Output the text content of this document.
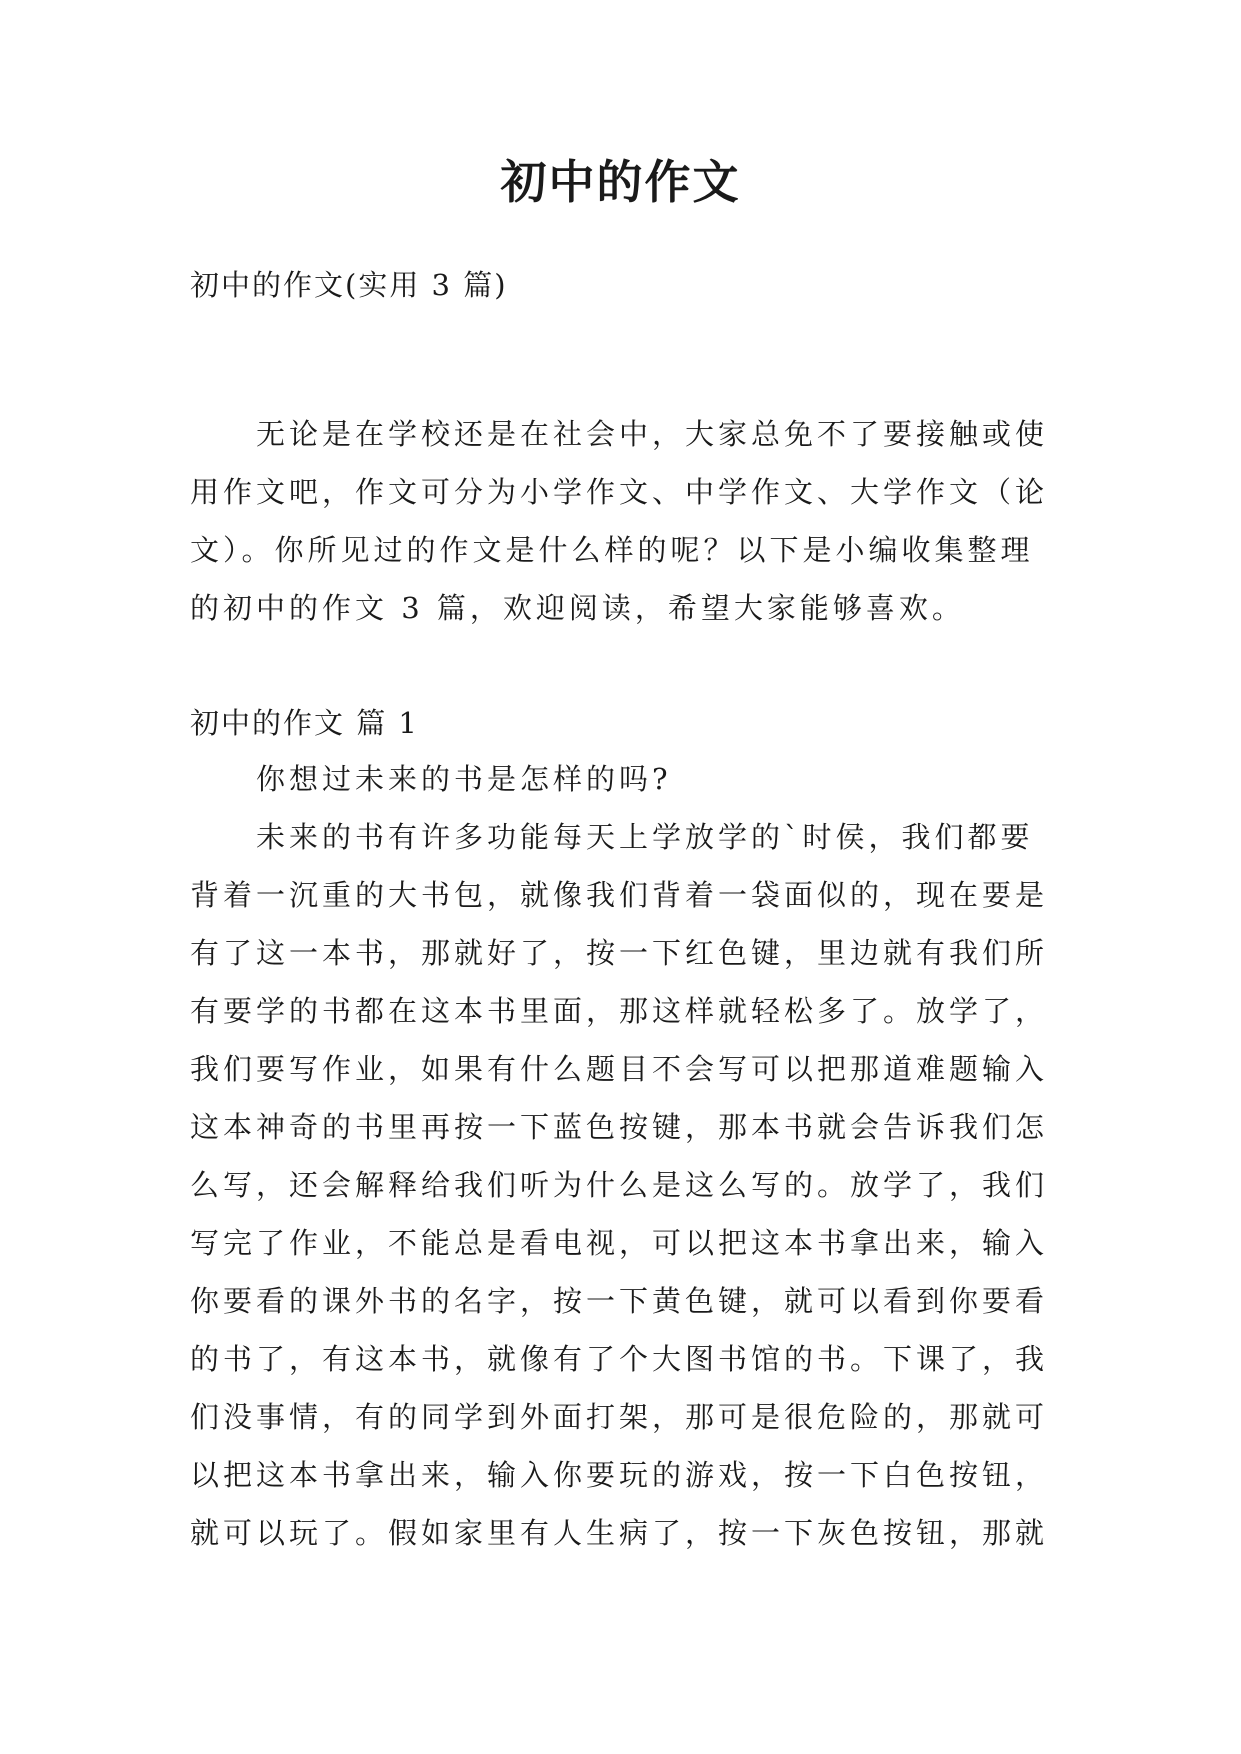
初中的作文

初中的作文(实用 3 篇)

无论是在学校还是在社会中，大家总免不了要接触或使
用作文吧，作文可分为小学作文、中学作文、大学作文（论
文）。你所见过的作文是什么样的呢？以下是小编收集整理
的初中的作文 3 篇，欢迎阅读，希望大家能够喜欢。

初中的作文 篇 1

你想过未来的书是怎样的吗?
未来的书有许多功能每天上学放学的`时侯，我们都要
背着一沉重的大书包，就像我们背着一袋面似的，现在要是
有了这一本书，那就好了，按一下红色键，里边就有我们所
有要学的书都在这本书里面，那这样就轻松多了。放学了，
我们要写作业，如果有什么题目不会写可以把那道难题输入
这本神奇的书里再按一下蓝色按键，那本书就会告诉我们怎
么写，还会解释给我们听为什么是这么写的。放学了，我们
写完了作业，不能总是看电视，可以把这本书拿出来，输入
你要看的课外书的名字，按一下黄色键，就可以看到你要看
的书了，有这本书，就像有了个大图书馆的书。下课了，我
们没事情，有的同学到外面打架，那可是很危险的，那就可
以把这本书拿出来，输入你要玩的游戏，按一下白色按钮，
就可以玩了。假如家里有人生病了，按一下灰色按钮，那就
